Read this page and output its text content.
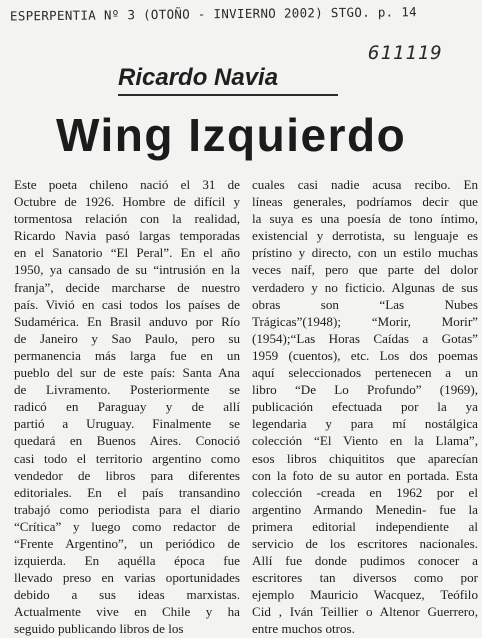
ESPERPENTIA Nº 3 (OTOÑO - INVIERNO 2002) STGO. p. 14
611119
Ricardo Navia
Wing Izquierdo
Este poeta chileno nació el 31 de
Octubre de 1926. Hombre de difícil y
tormentosa relación con la realidad,
Ricardo Navia pasó largas temporadas
en el Sanatorio “El Peral”. En el año
1950, ya cansado de su “intrusión en la
franja”, decide marcharse de nuestro
país. Vivió en casi todos los países de
Sudamérica. En Brasil anduvo por Río
de Janeiro y Sao Paulo, pero su
permanencia más larga fue en un
pueblo del sur de este país: Santa Ana
de Livramento. Posteriormente se
radicó en Paraguay y de allí
partió a Uruguay. Finalmente se
quedará en Buenos Aires. Conoció
casi todo el territorio argentino como
vendedor de libros para diferentes
editoriales. En el país transandino
trabajó como periodista para el diario
“Crítica” y luego como redactor de
“Frente Argentino”, un periódico de
izquierda. En aquélla época fue
llevado preso en varias oportunidades
debido a sus ideas marxistas.
Actualmente vive en Chile y ha
seguido publicando libros de los
cuales casi nadie acusa recibo. En
líneas generales, podríamos decir que
la suya es una poesía de tono íntimo,
existencial y derrotista, su lenguaje es
prístino y directo, con un estilo muchas
veces naíf, pero que parte del dolor
verdadero y no ficticio. Algunas de sus
obras son “Las Nubes
Trágicas”(1948); “Morir, Morir”
(1954);“Las Horas Caídas a Gotas”
1959 (cuentos), etc. Los dos poemas
aquí seleccionados pertenecen a un
libro “De Lo Profundo” (1969),
publicación efectuada por la ya
legendaria y para mí nostálgica
colección “El Viento en la Llama”,
esos libros chiquititos que aparecían
con la foto de su autor en portada. Esta
colección -creada en 1962 por el
argentino Armando Menedin- fue la
primera editorial independiente al
servicio de los escritores nacionales.
Allí fue donde pudimos conocer a
escritores tan diversos como por
ejemplo Mauricio Wacquez, Teófilo
Cid , Iván Teillier o Altenor Guerrero,
entre muchos otros.
